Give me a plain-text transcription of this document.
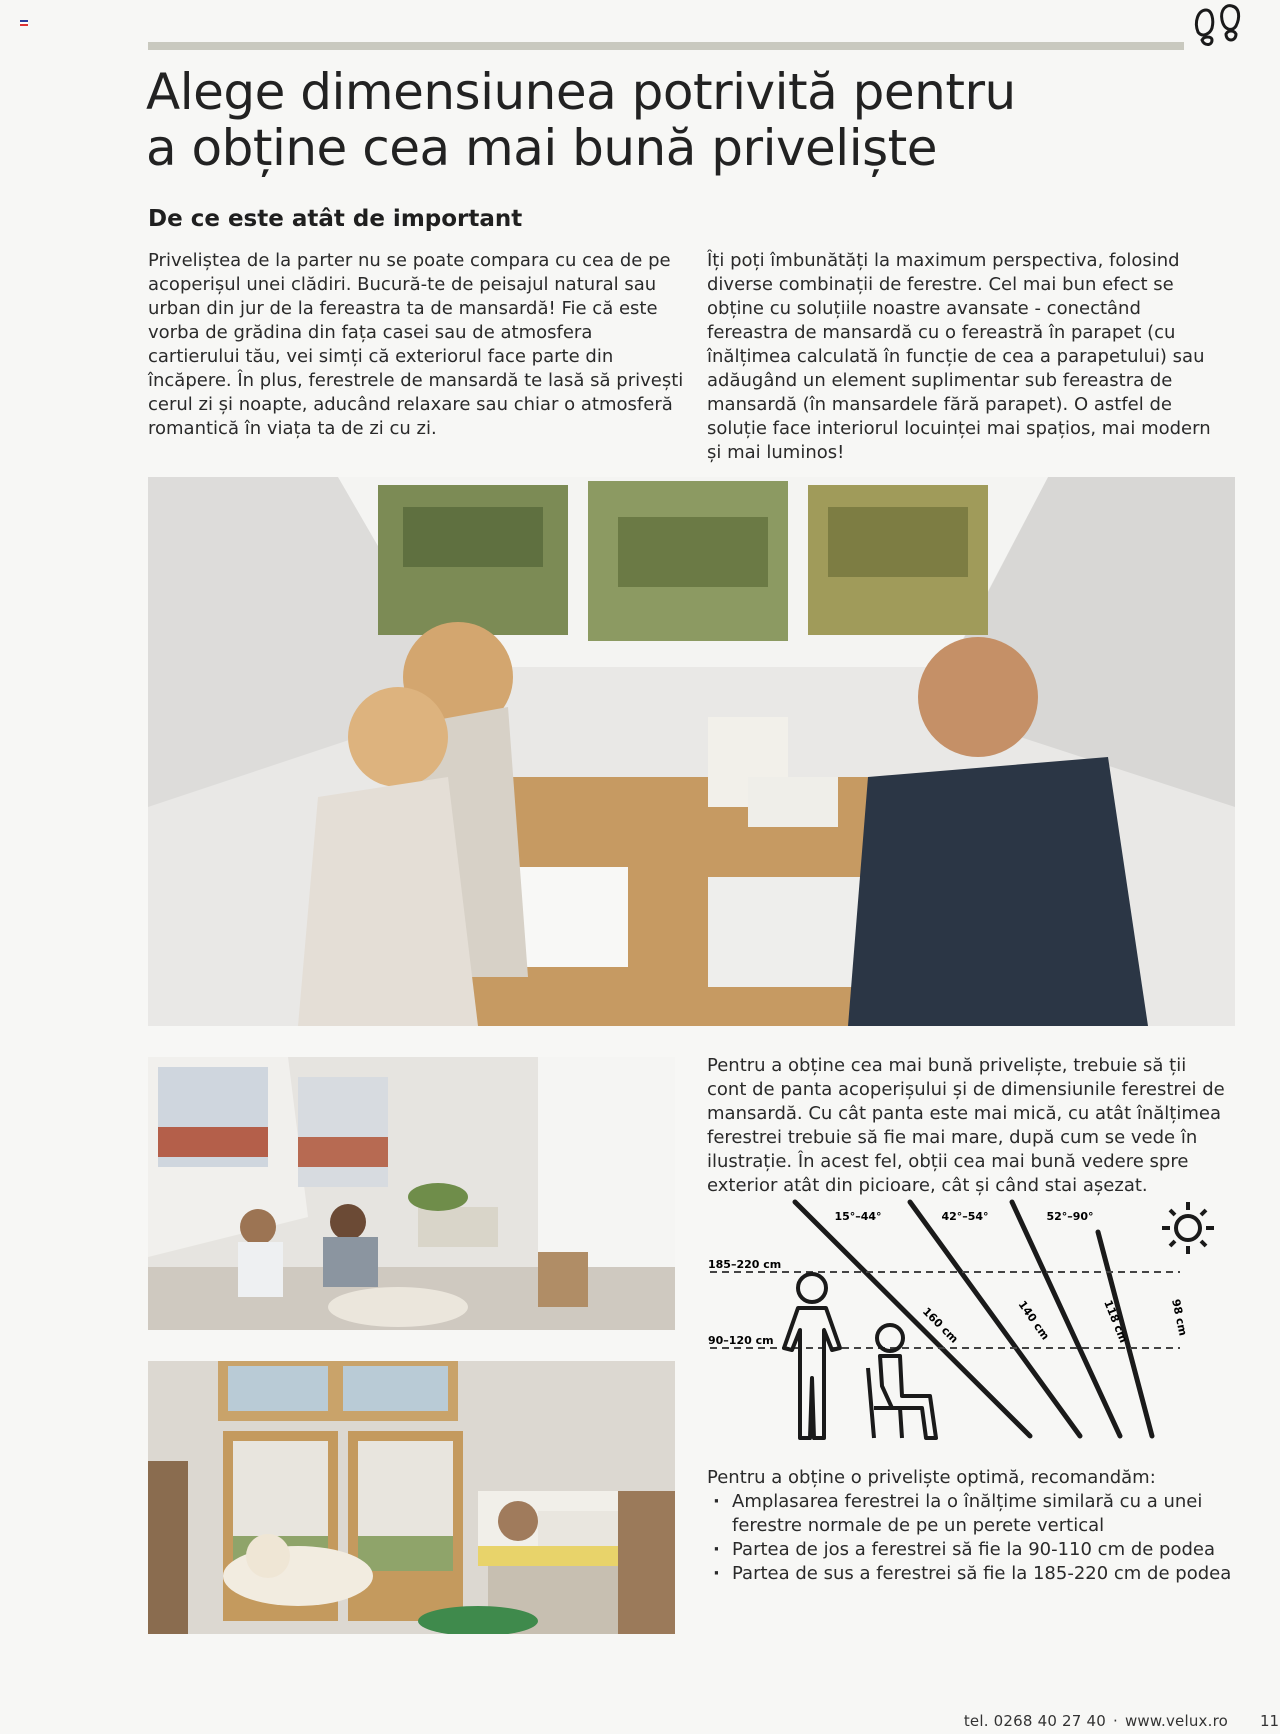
Alege dimensiunea potrivită pentru
a obține cea mai bună priveliște
De ce este atât de important

Priveliștea de la parter nu se poate compara cu cea de pe acoperișul unei clădiri. Bucură-te de peisajul natural sau urban din jur de la fereastra ta de mansardă! Fie că este vorba de grădina din fața casei sau de atmosfera cartierului tău, vei simți că exteriorul face parte din încăpere. În plus, ferestrele de mansardă te lasă să privești cerul zi și noapte, aducând relaxare sau chiar o atmosferă romantică în viața ta de zi cu zi.

Îți poți îmbunătăți la maximum perspectiva, folosind diverse combinații de ferestre. Cel mai bun efect se obține cu soluțiile noastre avansate - conectând fereastra de mansardă cu o fereastră în parapet (cu înălțimea calculată în funcție de cea a parapetului) sau adăugând un element suplimentar sub fereastra de mansardă (în mansardele fără parapet). O astfel de soluție face interiorul locuinței mai spațios, mai modern și mai luminos!

Pentru a obține cea mai bună priveliște, trebuie să ții cont de panta acoperișului și de dimensiunile ferestrei de mansardă. Cu cât panta este mai mică, cu atât înălțimea ferestrei trebuie să fie mai mare, după cum se vede în ilustrație. În acest fel, obții cea mai bună vedere spre exterior atât din picioare, cât și când stai așezat.

15°–44°	42°–54°	52°–90°
185–220 cm
90–120 cm	160 cm	140 cm	118 cm	98 cm

Pentru a obține o priveliște optimă, recomandăm:

· Amplasarea ferestrei la o înălțime similară cu a unei ferestre normale de pe un perete vertical
· Partea de jos a ferestrei să fie la 90-110 cm de podea
· Partea de sus a ferestrei să fie la 185-220 cm de podea
tel. 0268 40 27 40 · www.velux.ro 11
